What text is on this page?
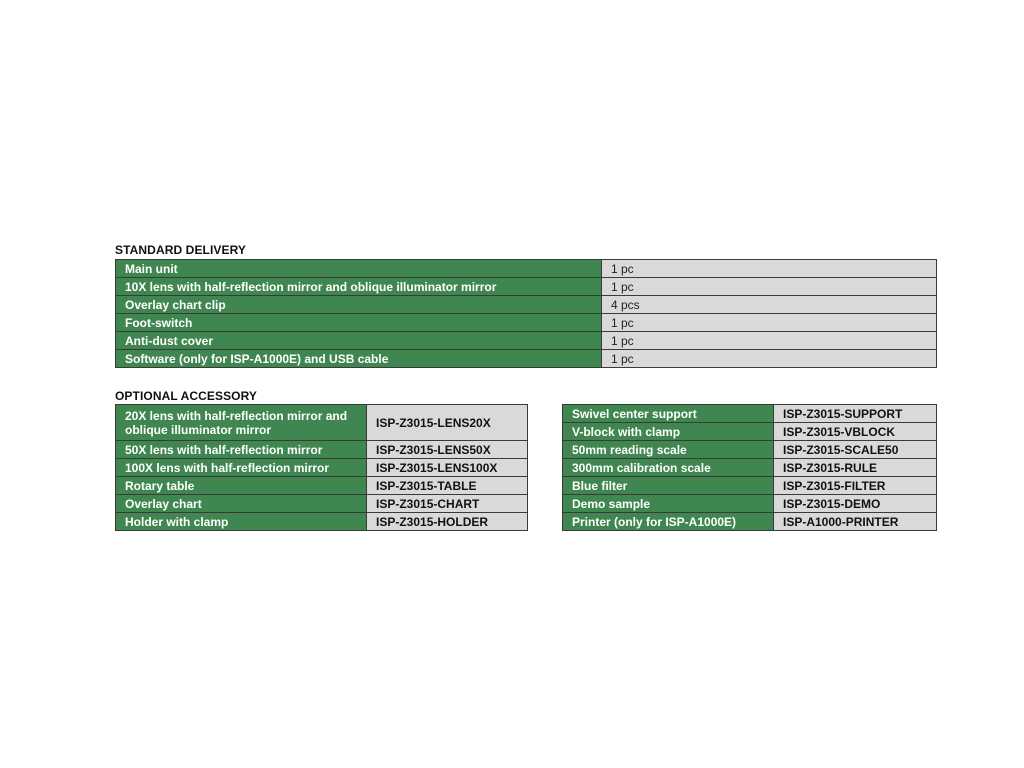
STANDARD DELIVERY
Main unit	1 pc
10X lens with half-reflection mirror and oblique illuminator mirror	1 pc
Overlay chart clip	4 pcs
Foot-switch	1 pc
Anti-dust cover	1 pc
Software (only for ISP-A1000E) and USB cable	1 pc
OPTIONAL ACCESSORY
20X lens with half-reflection mirror and oblique illuminator mirror	ISP-Z3015-LENS20X
50X lens with half-reflection mirror	ISP-Z3015-LENS50X
100X lens with half-reflection mirror	ISP-Z3015-LENS100X
Rotary table	ISP-Z3015-TABLE
Overlay chart	ISP-Z3015-CHART
Holder with clamp	ISP-Z3015-HOLDER
Swivel center support	ISP-Z3015-SUPPORT
V-block with clamp	ISP-Z3015-VBLOCK
50mm reading scale	ISP-Z3015-SCALE50
300mm calibration scale	ISP-Z3015-RULE
Blue filter	ISP-Z3015-FILTER
Demo sample	ISP-Z3015-DEMO
Printer (only for ISP-A1000E)	ISP-A1000-PRINTER
